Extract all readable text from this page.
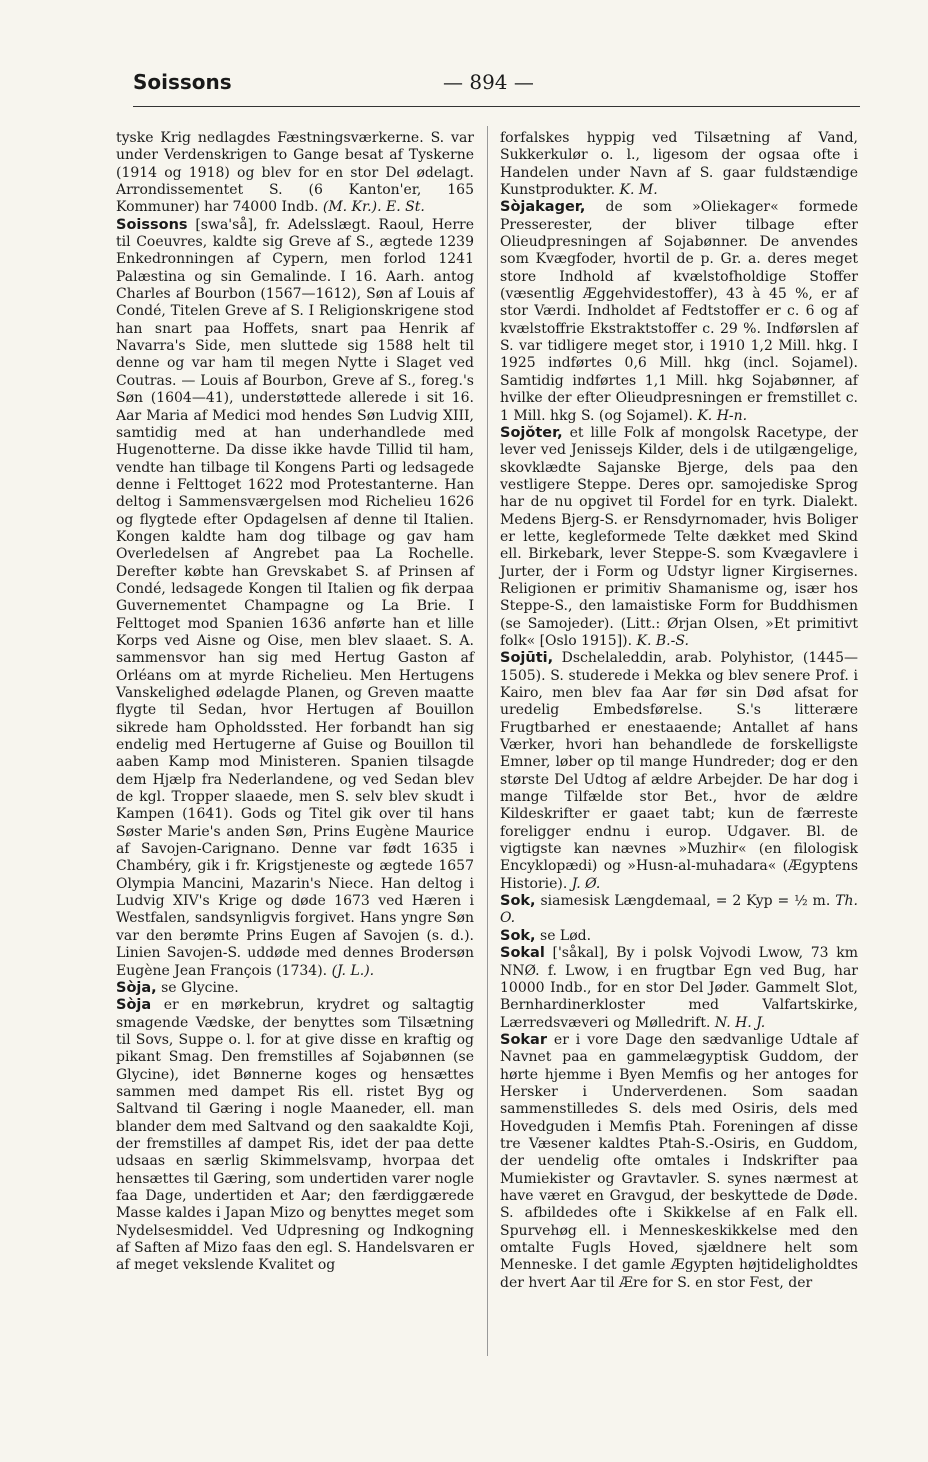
Soissons	— 894 —

tyske Krig nedlagdes Fæstningsværkerne. S. var under Verdenskrigen to Gange besat af Tyskerne (1914 og 1918) og blev for en stor Del ødelagt. Arrondissementet S. (6 Kanton'er, 165 Kommuner) har 74000 Indb. (M. Kr.). E. St.

Soissons [swa'så], fr. Adelsslægt. Raoul, Herre til Coeuvres, kaldte sig Greve af S., ægtede 1239 Enkedronningen af Cypern, men forlod 1241 Palæstina og sin Gemalinde. I 16. Aarh. antog Charles af Bourbon (1567—1612), Søn af Louis af Condé, Titelen Greve af S. I Religionskrigene stod han snart paa Hoffets, snart paa Henrik af Navarra's Side, men sluttede sig 1588 helt til denne og var ham til megen Nytte i Slaget ved Coutras. — Louis af Bourbon, Greve af S., foreg.'s Søn (1604—41), understøttede allerede i sit 16. Aar Maria af Medici mod hendes Søn Ludvig XIII, samtidig med at han underhandlede med Hugenotterne. Da disse ikke havde Tillid til ham, vendte han tilbage til Kongens Parti og ledsagede denne i Felttoget 1622 mod Protestanterne. Han deltog i Sammensværgelsen mod Richelieu 1626 og flygtede efter Opdagelsen af denne til Italien. Kongen kaldte ham dog tilbage og gav ham Overledelsen af Angrebet paa La Rochelle. Derefter købte han Grevskabet S. af Prinsen af Condé, ledsagede Kongen til Italien og fik derpaa Guvernementet Champagne og La Brie. I Felttoget mod Spanien 1636 anførte han et lille Korps ved Aisne og Oise, men blev slaaet. S. A. sammensvor han sig med Hertug Gaston af Orléans om at myrde Richelieu. Men Hertugens Vanskelighed ødelagde Planen, og Greven maatte flygte til Sedan, hvor Hertugen af Bouillon sikrede ham Opholdssted. Her forbandt han sig endelig med Hertugerne af Guise og Bouillon til aaben Kamp mod Ministeren. Spanien tilsagde dem Hjælp fra Nederlandene, og ved Sedan blev de kgl. Tropper slaaede, men S. selv blev skudt i Kampen (1641). Gods og Titel gik over til hans Søster Marie's anden Søn, Prins Eugène Maurice af Savojen-Carignano. Denne var født 1635 i Chambéry, gik i fr. Krigstjeneste og ægtede 1657 Olympia Mancini, Mazarin's Niece. Han deltog i Ludvig XIV's Krige og døde 1673 ved Hæren i Westfalen, sandsynligvis forgivet. Hans yngre Søn var den berømte Prins Eugen af Savojen (s. d.). Linien Savojen-S. uddøde med dennes Brodersøn Eugène Jean François (1734). (J. L.).

Sòja, se Glycine.

Sòja er en mørkebrun, krydret og saltagtig smagende Vædske, der benyttes som Tilsætning til Sovs, Suppe o. l. for at give disse en kraftig og pikant Smag. Den fremstilles af Sojabønnen (se Glycine), idet Bønnerne koges og hensættes sammen med dampet Ris ell. ristet Byg og Saltvand til Gæring i nogle Maaneder, ell. man blander dem med Saltvand og den saakaldte Koji, der fremstilles af dampet Ris, idet der paa dette udsaas en særlig Skimmelsvamp, hvorpaa det hensættes til Gæring, som undertiden varer nogle faa Dage, undertiden et Aar; den færdiggærede Masse kaldes i Japan Mizo og benyttes meget som Nydelsesmiddel. Ved Udpresning og Indkogning af Saften af Mizo faas den egl. S. Handelsvaren er af meget vekslende Kvalitet og

forfalskes hyppig ved Tilsætning af Vand, Sukkerkulør o. l., ligesom der ogsaa ofte i Handelen under Navn af S. gaar fuldstændige Kunstprodukter. K. M.

Sòjakager, de som »Oliekager« formede Presserester, der bliver tilbage efter Olieudpresningen af Sojabønner. De anvendes som Kvægfoder, hvortil de p. Gr. a. deres meget store Indhold af kvælstofholdige Stoffer (væsentlig Æggehvidestoffer), 43 à 45 %, er af stor Værdi. Indholdet af Fedtstoffer er c. 6 og af kvælstoffrie Ekstraktstoffer c. 29 %. Indførslen af S. var tidligere meget stor, i 1910 1,2 Mill. hkg. I 1925 indførtes 0,6 Mill. hkg (incl. Sojamel). Samtidig indførtes 1,1 Mill. hkg Sojabønner, af hvilke der efter Olieudpresningen er fremstillet c. 1 Mill. hkg S. (og Sojamel). K. H-n.

Sojŏter, et lille Folk af mongolsk Racetype, der lever ved Jenissejs Kilder, dels i de utilgængelige, skovklædte Sajanske Bjerge, dels paa den vestligere Steppe. Deres opr. samojediske Sprog har de nu opgivet til Fordel for en tyrk. Dialekt. Medens Bjerg-S. er Rensdyrnomader, hvis Boliger er lette, kegleformede Telte dækket med Skind ell. Birkebark, lever Steppe-S. som Kvægavlere i Jurter, der i Form og Udstyr ligner Kirgisernes. Religionen er primitiv Shamanisme og, især hos Steppe-S., den lamaistiske Form for Buddhismen (se Samojeder). (Litt.: Ørjan Olsen, »Et primitivt folk« [Oslo 1915]). K. B.-S.

Sojūti, Dschelaleddin, arab. Polyhistor, (1445—1505). S. studerede i Mekka og blev senere Prof. i Kairo, men blev faa Aar før sin Død afsat for uredelig Embedsførelse. S.'s litterære Frugtbarhed er enestaaende; Antallet af hans Værker, hvori han behandlede de forskelligste Emner, løber op til mange Hundreder; dog er den største Del Udtog af ældre Arbejder. De har dog i mange Tilfælde stor Bet., hvor de ældre Kildeskrifter er gaaet tabt; kun de færreste foreligger endnu i europ. Udgaver. Bl. de vigtigste kan nævnes »Muzhir« (en filologisk Encyklopædi) og »Husn-al-muhadara« (Ægyptens Historie). J. Ø.

Sok, siamesisk Længdemaal, = 2 Kyp = ½ m. Th. O.

Sok, se Lød.

Sokal ['såkal], By i polsk Vojvodi Lwow, 73 km NNØ. f. Lwow, i en frugtbar Egn ved Bug, har 10000 Indb., for en stor Del Jøder. Gammelt Slot, Bernhardinerkloster med Valfartskirke, Lærredsvæveri og Mølledrift. N. H. J.

Sokar er i vore Dage den sædvanlige Udtale af Navnet paa en gammelægyptisk Guddom, der hørte hjemme i Byen Memfis og her antoges for Hersker i Underverdenen. Som saadan sammenstilledes S. dels med Osiris, dels med Hovedguden i Memfis Ptah. Foreningen af disse tre Væsener kaldtes Ptah-S.-Osiris, en Guddom, der uendelig ofte omtales i Indskrifter paa Mumiekister og Gravtavler. S. synes nærmest at have været en Gravgud, der beskyttede de Døde. S. afbildedes ofte i Skikkelse af en Falk ell. Spurvehøg ell. i Menneskeskikkelse med den omtalte Fugls Hoved, sjældnere helt som Menneske. I det gamle Ægypten højtideligholdtes der hvert Aar til Ære for S. en stor Fest, der
